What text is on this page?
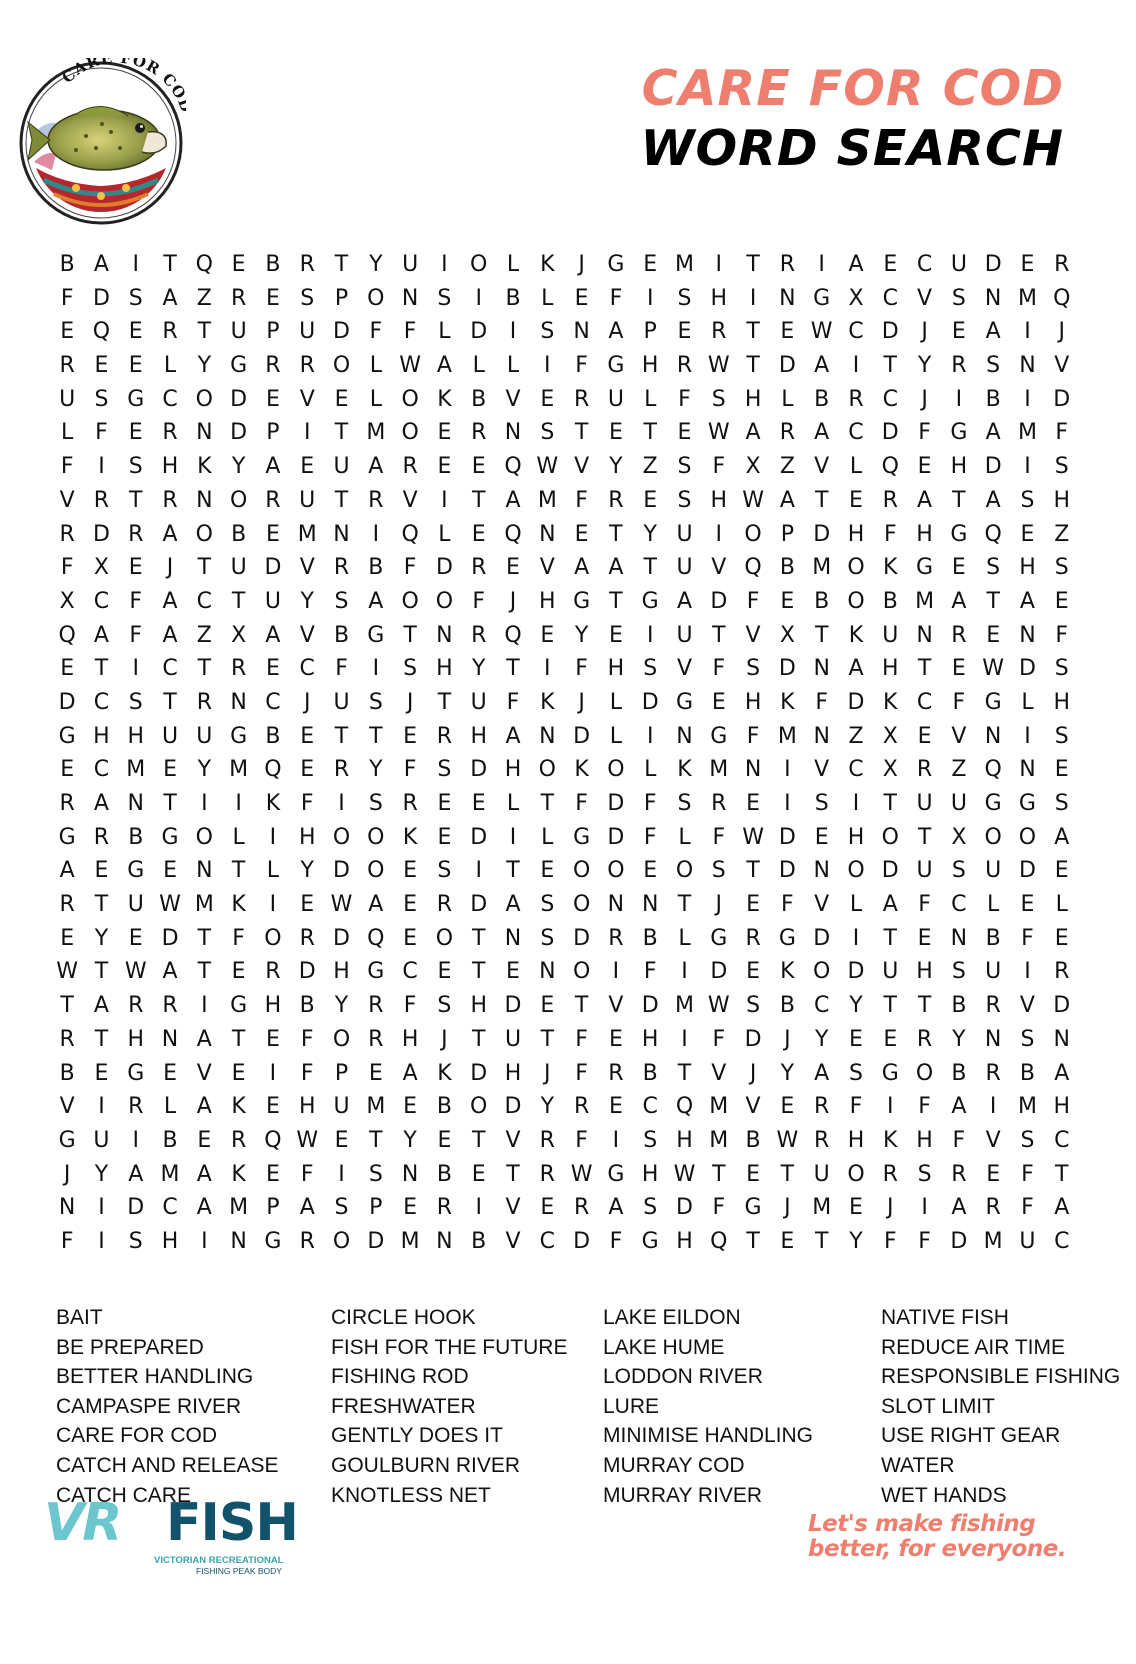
CARE FOR C	CARE FOR COD
WORD SEARCH
B A	I	T Q E B R T Y U	I	O L K	J	G E M I	T R	I	A E C U D E R
F D S A Z R E S P O N S	I	B L E F	I	S H	I	N G X C V S N M Q
E Q E R T U P U D F F L D	I	S N A P E R T E W C D	J	E A	I	J
R E E L Y G R R O L W A L	L	I	F G H R W T D A	I	T Y R S N V
U S G C O D E V E L O K B V E R U L F S H L B R C	J	I	B	I	D
L F E R N D P	I	T M O E R N S T E T E W A R A C D F G A M F
F	I	S H K Y A E U A R E E Q W V Y Z S F X Z V L Q E H D	I	S
V R T R N O R U T R V	I	T A M F R E S H W A T E R A T A S H
R D R A O B E M N	I	Q L E Q N E T Y U	I	O P D H F H G Q E Z
F X E	J	T U D V R B F D R E V A A T U V Q B M O K G E S H S
X C F A C T U Y S A O O F	J	H G T G A D F E B O B M A T A E
Q A F A Z X A V B G T N R Q E Y E	I	U T V X T K U N R E N F
E T	I	C T R E C F	I	S H Y T	I	F H S V F S D N A H T E W D S
D C S T R N C	J	U S	J	T U F K	J	L D G E H K F D K C F G L H
G H H U U G B E T T E R H A N D L	I	N G F M N Z X E V N	I	S
E C M E Y M Q E R Y F S D H O K O L K M N	I	V C X R Z Q N E
R A N T	I	I	K F	I	S R E E L T F D F S R E	I	S	I	T U U G G S
G R B G O L	I	H O O K E D	I	L G D F L F W D E H O T X O O A
A E G E N T L Y D O E S	I	T E O O E O S T D N O D U S U D E
R T U W M K	I	E W A E R D A S O N N T	J	E F V L A F C L E L
E Y E D T F O R D Q E O T N S D R B L G R G D	I	T E N B F E
W T W A T E R D H G C E T E N O	I	F	I	D E K O D U H S U	I	R
T A R R	I	G H B Y R F S H D E T V D M W S B C Y T T B R V D
R T H N A T E F O R H	J	T U T F E H	I	F D	J	Y E E R Y N S N
B E G E V E	I	F P E A K D H	J	F R B T V	J	Y A S G O B R B A
V	I	R L A K E H U M E B O D Y R E C Q M V E R F	I	F A	I M H
G U	I	B E R Q W E T Y E T V R F	I	S H M B W R H K H F V S C
J	Y A M A K E F	I	S N B E T R W G H W T E T U O R S R E F T
N	I	D C A M P A S P E R	I	V E R A S D F G	J M E	J	I	A R F A
F	I	S H	I	N G R O D M N B V C D F G H Q T E T Y F F D M U C
BAIT
BE PREPARED
BETTER HANDLING
CAMPASPE RIVER
CARE FOR COD
CATCH AND RELEASE
CATCH CARE
CIRCLE HOOK
FISH FOR THE FUTURE
FISHING ROD
FRESHWATER
GENTLY DOES IT
GOULBURN RIVER
KNOTLESS NET
LAKE EILDON
LAKE HUME
LODDON RIVER
LURE
MINIMISE HANDLING
MURRAY COD
MURRAY RIVER
NATIVE FISH
REDUCE AIR TIME
RESPONSIBLE FISHING
SLOT LIMIT
USE RIGHT GEAR
WATER
WET HANDS
VR FISH
VICTORIAN RECREATIONAL
FISHING PEAK BODY

Let's make fishing
better, for everyone.
